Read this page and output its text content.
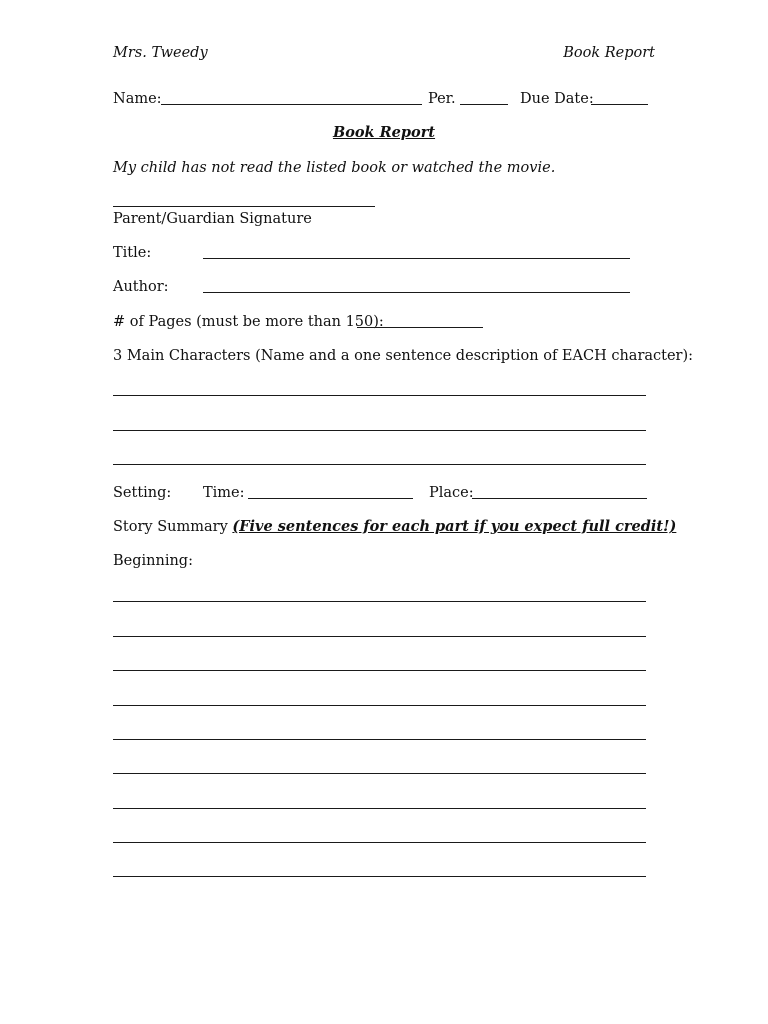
Mrs. Tweedy	Book Report
Name:	Per.	Due Date:
Book Report
My child has not read the listed book or watched the movie.
Parent/Guardian Signature
Title:
Author:
# of Pages (must be more than 150):
3 Main Characters (Name and a one sentence description of EACH character):
Setting: Time:	Place:
Story Summary (Five sentences for each part if you expect full credit!)
Beginning:
